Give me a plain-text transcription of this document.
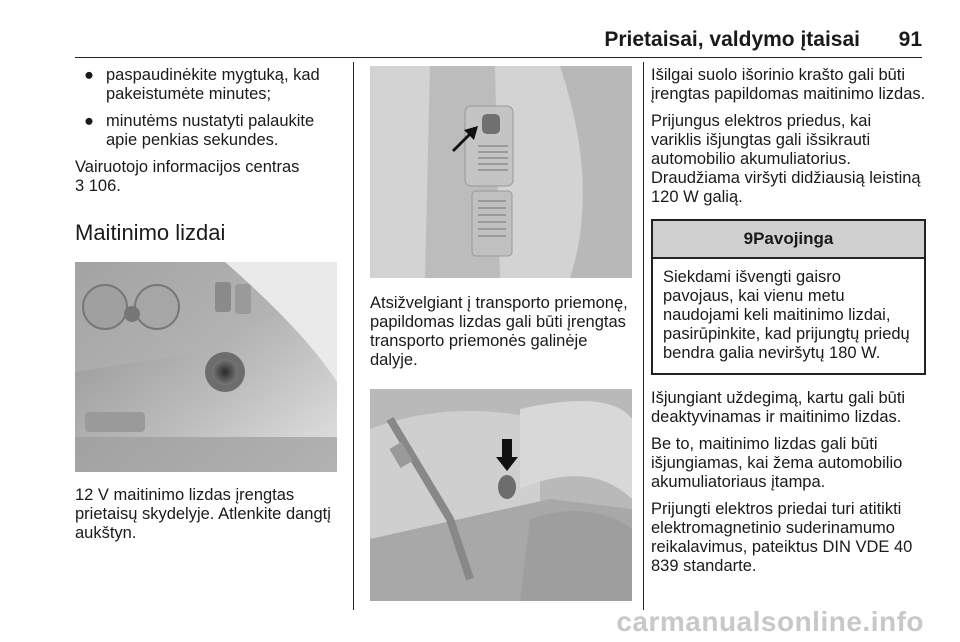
Prietaisai, valdymo įtaisai 91
● paspaudinėkite mygtuką, kad pakeistumėte minutes;
● minutėms nustatyti palaukite apie penkias sekundes.

Vairuotojo informacijos centras
3 106.

Maitinimo lizdai

12 V maitinimo lizdas įrengtas prietaisų skydelyje. Atlenkite dangtį aukštyn.

Atsižvelgiant į transporto priemonę, papildomas lizdas gali būti įrengtas transporto priemonės galinėje dalyje.

Išilgai suolo išorinio krašto gali būti įrengtas papildomas maitinimo lizdas.

Prijungus elektros priedus, kai variklis išjungtas gali išsikrauti automobilio akumuliatorius. Draudžiama viršyti didžiausią leistiną 120 W galią.

9 Pavojinga
Siekdami išvengti gaisro pavojaus, kai vienu metu naudojami keli maitinimo lizdai, pasirūpinkite, kad prijungtų priedų bendra galia neviršytų 180 W.

Išjungiant uždegimą, kartu gali būti deaktyvinamas ir maitinimo lizdas.

Be to, maitinimo lizdas gali būti išjungiamas, kai žema automobilio akumuliatoriaus įtampa.

Prijungti elektros priedai turi atitikti elektromagnetinio suderinamumo reikalavimus, pateiktus DIN VDE 40 839 standarte.

carmanualsonline.info
